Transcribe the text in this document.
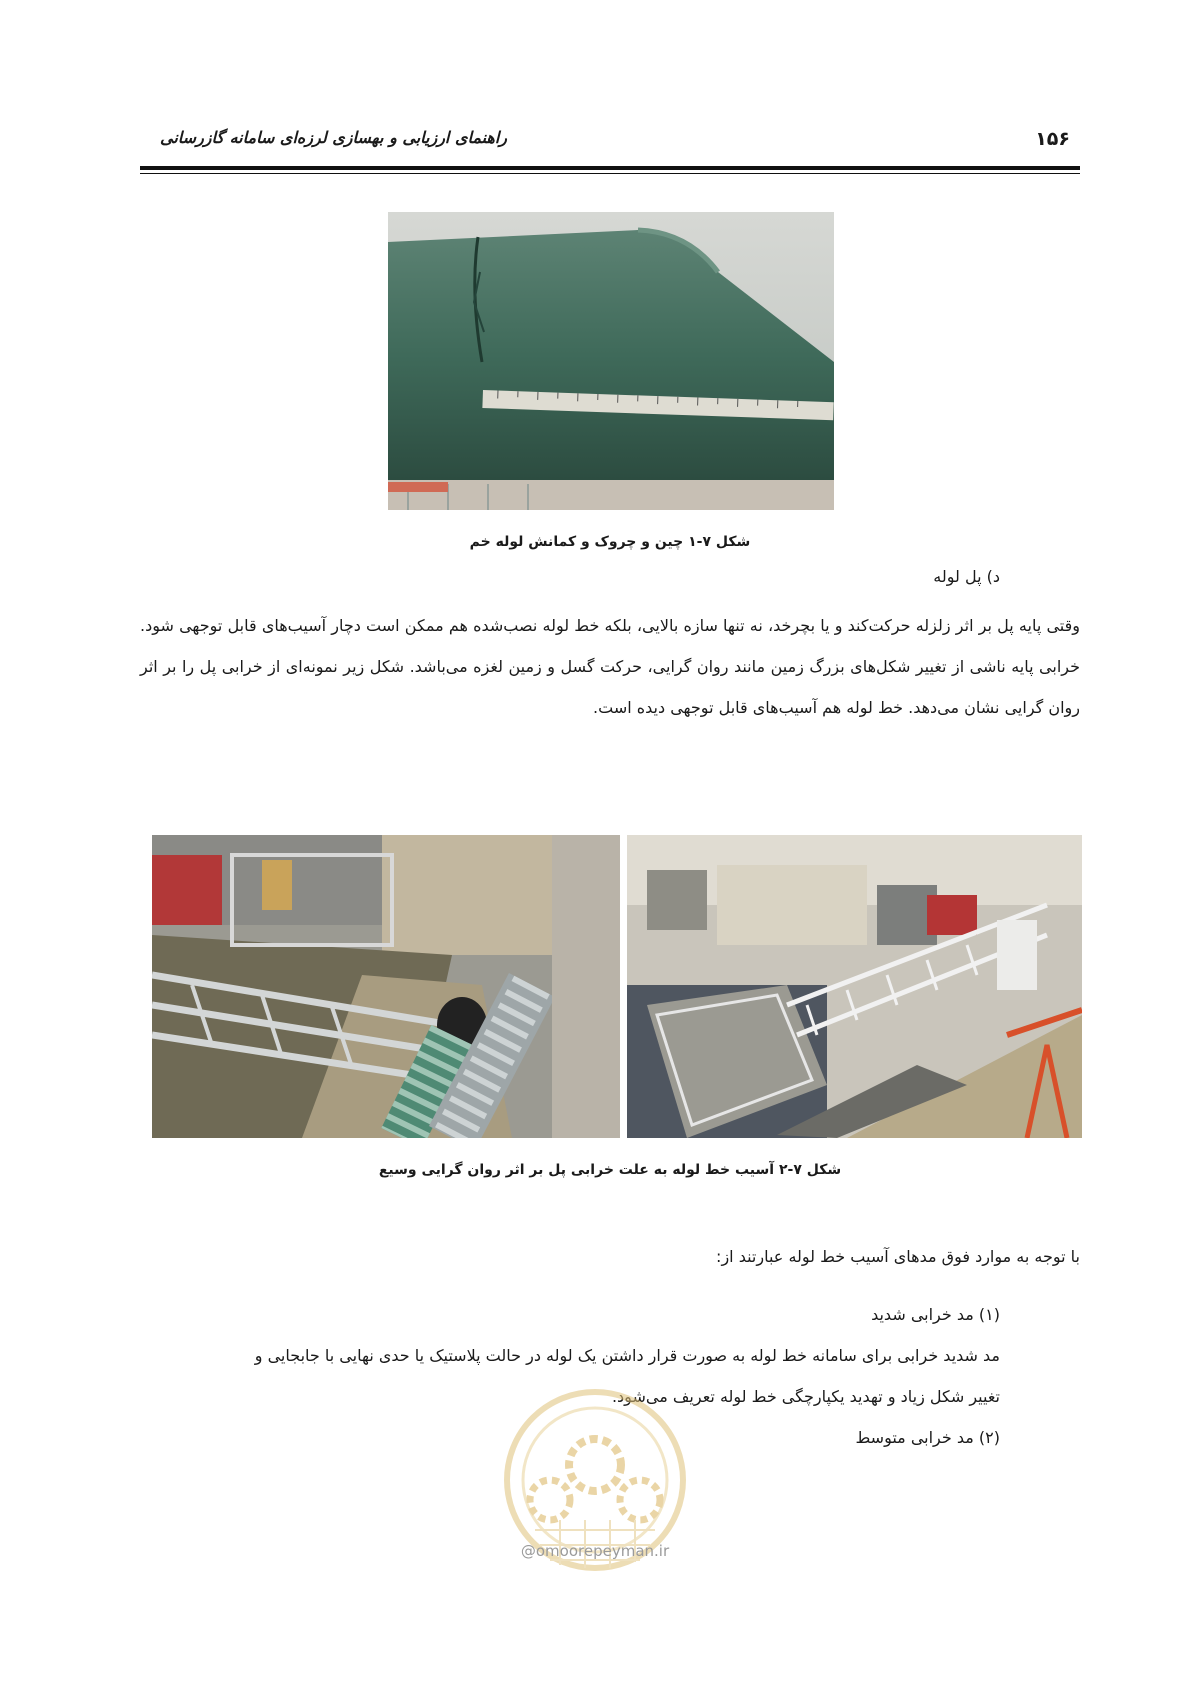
۱۵۶
راهنمای ارزیابی و بهسازی لرزه‌ای سامانه گازرسانی
شکل ۷-۱ چین و چروک و کمانش لوله خم
د) پل لوله
وقتی پایه پل بر اثر زلزله حرکت‌کند و یا بچرخد، نه تنها سازه بالایی، بلکه خط لوله نصب‌شده هم ممکن است دچار آسیب‌های قابل توجهی شود. خرابی پایه ناشی از تغییر شکل‌های بزرگ زمین مانند روان گرایی، حرکت گسل و زمین لغزه می‌باشد. شکل زیر نمونه‌ای از خرابی پل را بر اثر روان گرایی نشان می‌دهد. خط لوله هم آسیب‌های قابل توجهی دیده است.
شکل ۷-۲ آسیب خط لوله به علت خرابی پل بر اثر روان گرایی وسیع
با توجه به موارد فوق مدهای آسیب خط لوله عبارتند از:
(۱) مد خرابی شدید
مد شدید خرابی برای سامانه خط لوله به صورت قرار داشتن یک لوله در حالت پلاستیک یا حدی نهایی با جابجایی و
تغییر شکل زیاد و تهدید یکپارچگی خط لوله تعریف می‌شود.
(۲) مد خرابی متوسط
@omoorepeyman.ir
